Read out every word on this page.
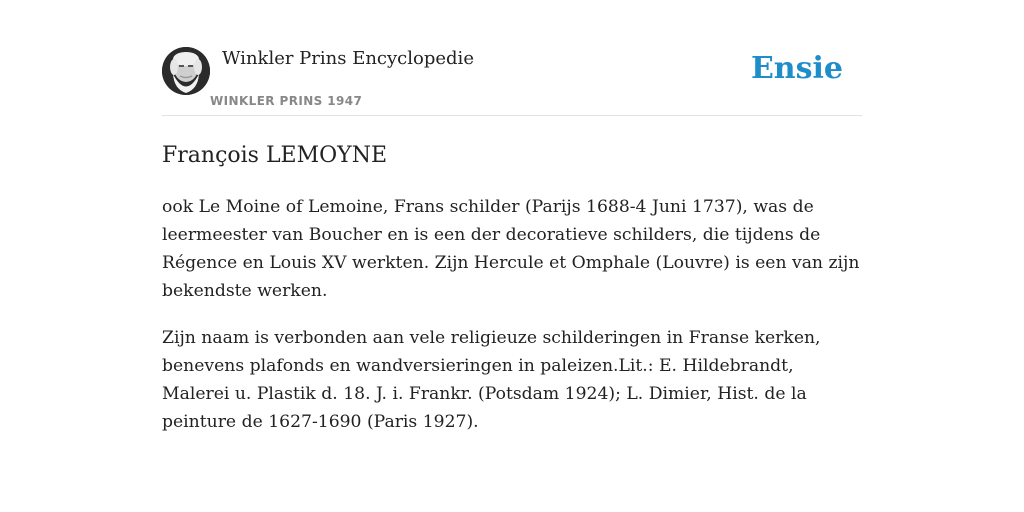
Winkler Prins Encyclopedie
WINKLER PRINS 1947
Ensie
François LEMOYNE

ook Le Moine of Lemoine, Frans schilder (Parijs 1688-4 Juni 1737), was de leermeester van Boucher en is een der decoratieve schilders, die tijdens de Régence en Louis XV werkten. Zijn Hercule et Omphale (Louvre) is een van zijn bekendste werken.

Zijn naam is verbonden aan vele religieuze schilderingen in Franse kerken, benevens plafonds en wandversieringen in paleizen.Lit.: E. Hildebrandt, Malerei u. Plastik d. 18. J. i. Frankr. (Potsdam 1924); L. Dimier, Hist. de la peinture de 1627-1690 (Paris 1927).
